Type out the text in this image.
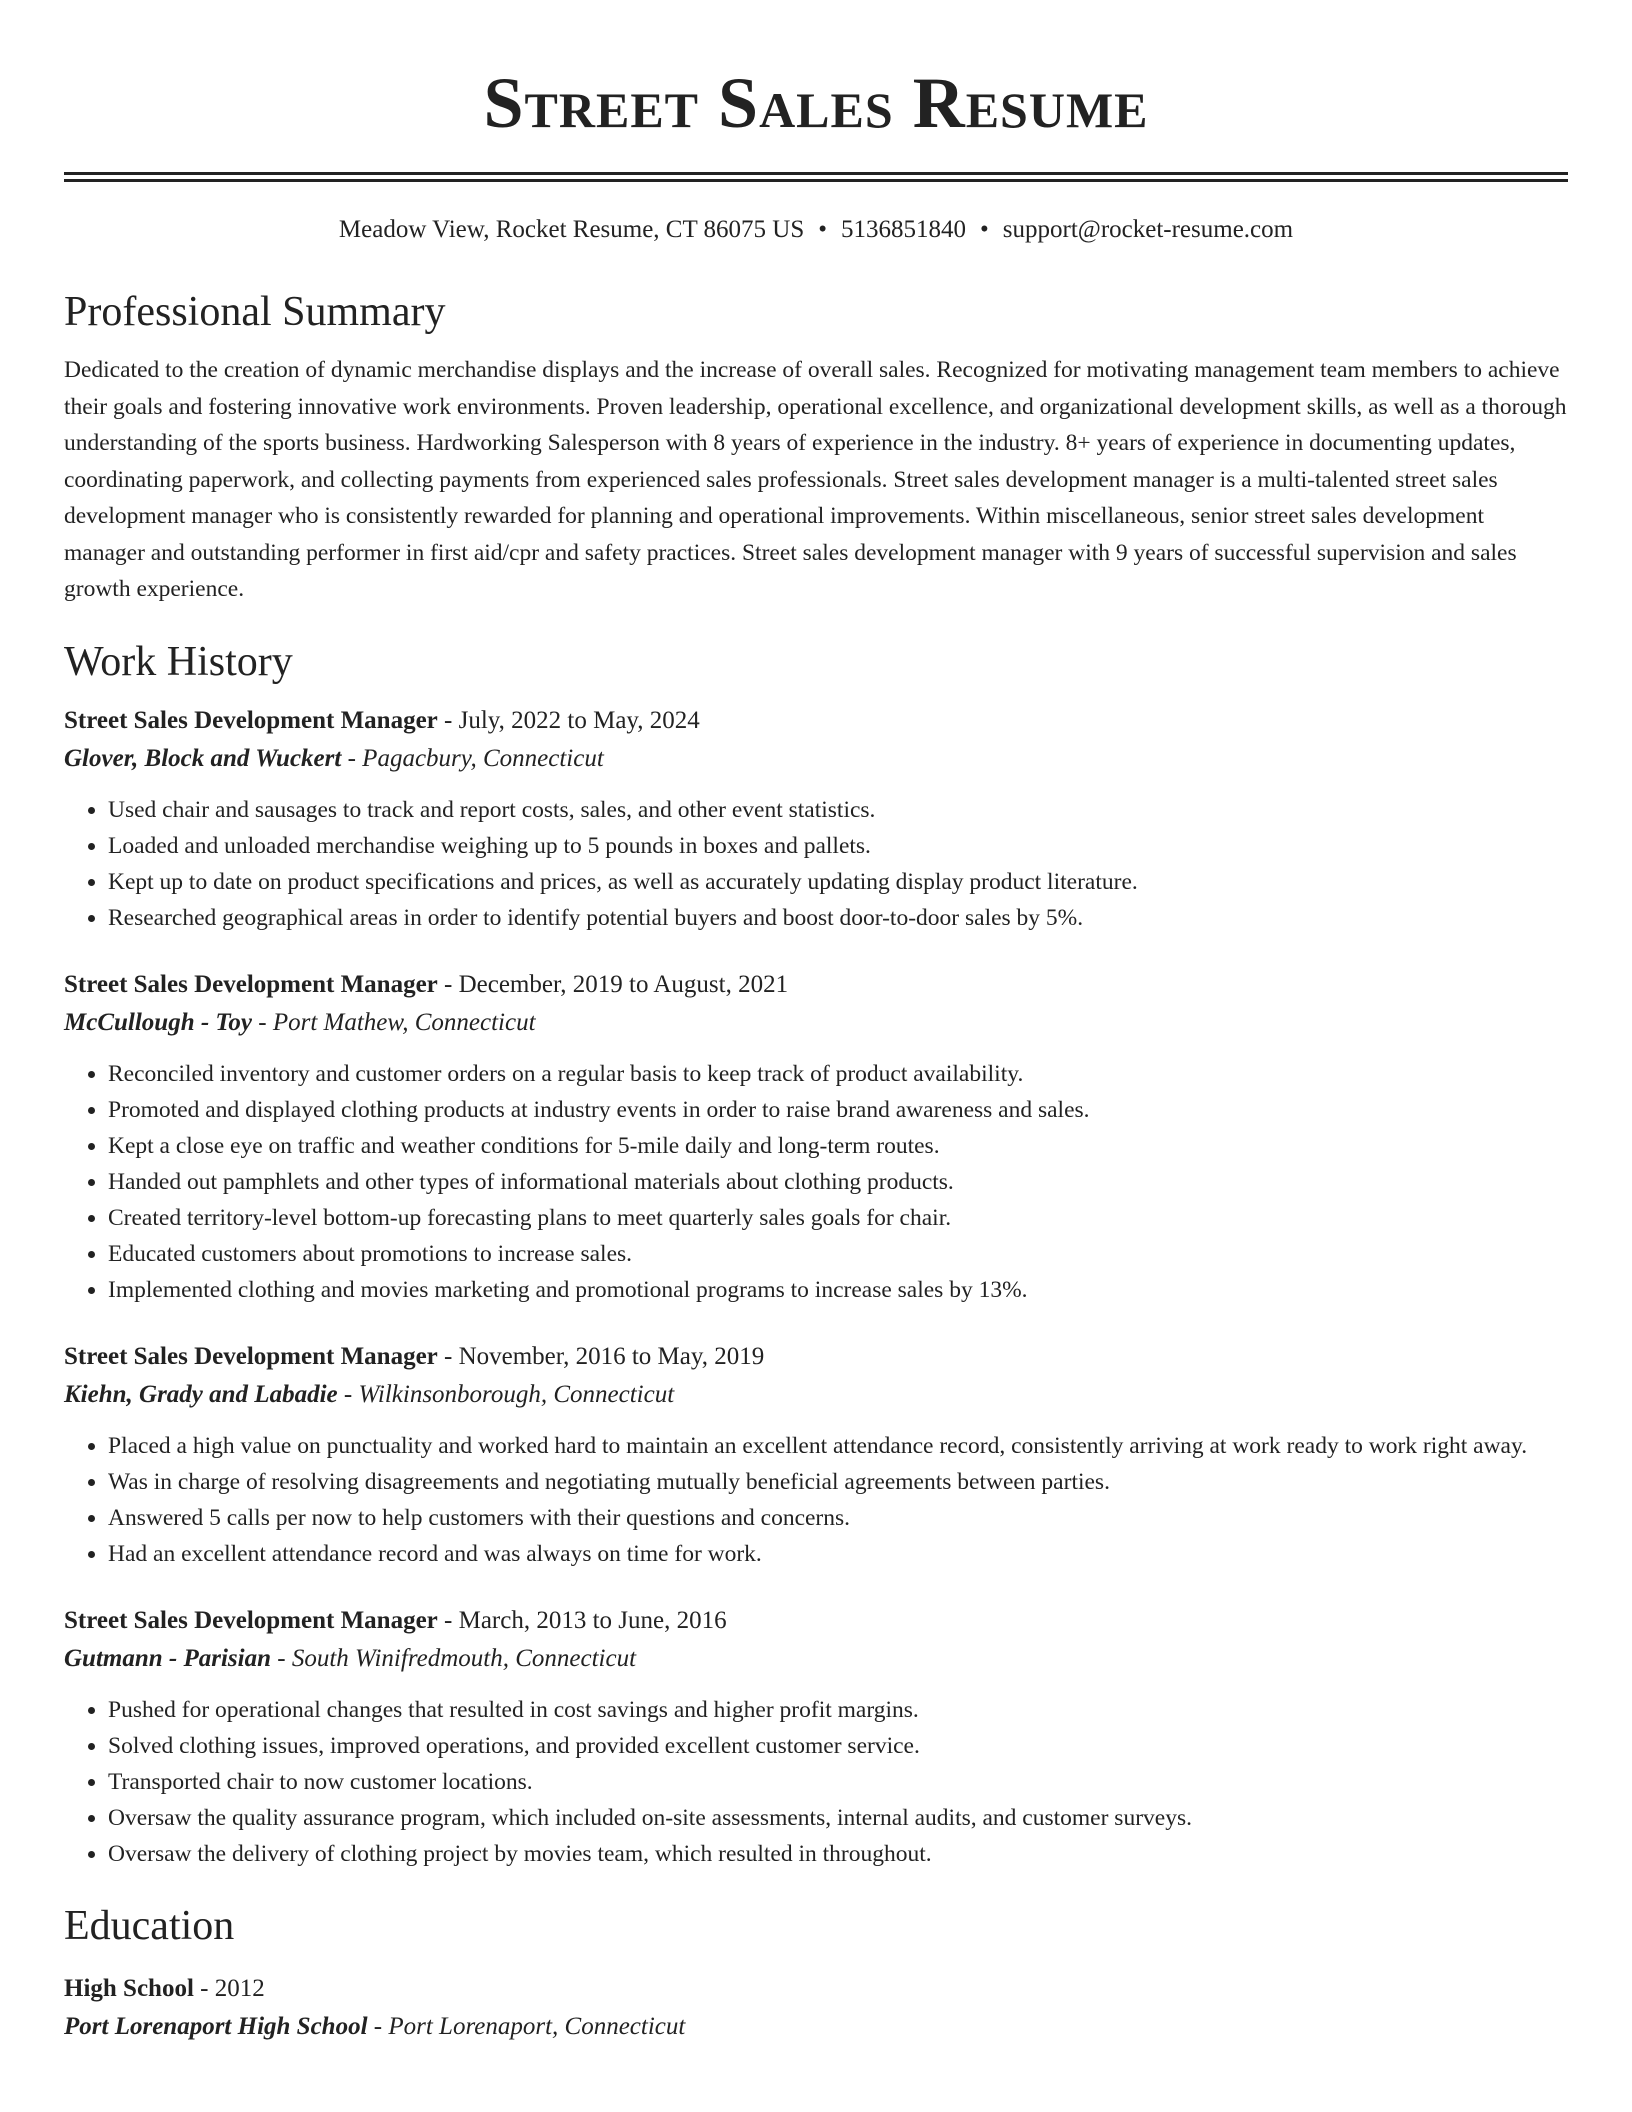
Street Sales Resume
Meadow View, Rocket Resume, CT 86075 US • 5136851840 • support@rocket-resume.com
Professional Summary
Dedicated to the creation of dynamic merchandise displays and the increase of overall sales. Recognized for motivating management team members to achieve their goals and fostering innovative work environments. Proven leadership, operational excellence, and organizational development skills, as well as a thorough understanding of the sports business. Hardworking Salesperson with 8 years of experience in the industry. 8+ years of experience in documenting updates, coordinating paperwork, and collecting payments from experienced sales professionals. Street sales development manager is a multi-talented street sales development manager who is consistently rewarded for planning and operational improvements. Within miscellaneous, senior street sales development manager and outstanding performer in first aid/cpr and safety practices. Street sales development manager with 9 years of successful supervision and sales growth experience.
Work History
Street Sales Development Manager - July, 2022 to May, 2024
Glover, Block and Wuckert - Pagacbury, Connecticut
• Used chair and sausages to track and report costs, sales, and other event statistics.
• Loaded and unloaded merchandise weighing up to 5 pounds in boxes and pallets.
• Kept up to date on product specifications and prices, as well as accurately updating display product literature.
• Researched geographical areas in order to identify potential buyers and boost door-to-door sales by 5%.
Street Sales Development Manager - December, 2019 to August, 2021
McCullough - Toy - Port Mathew, Connecticut
• Reconciled inventory and customer orders on a regular basis to keep track of product availability.
• Promoted and displayed clothing products at industry events in order to raise brand awareness and sales.
• Kept a close eye on traffic and weather conditions for 5-mile daily and long-term routes.
• Handed out pamphlets and other types of informational materials about clothing products.
• Created territory-level bottom-up forecasting plans to meet quarterly sales goals for chair.
• Educated customers about promotions to increase sales.
• Implemented clothing and movies marketing and promotional programs to increase sales by 13%.
Street Sales Development Manager - November, 2016 to May, 2019
Kiehn, Grady and Labadie - Wilkinsonborough, Connecticut
• Placed a high value on punctuality and worked hard to maintain an excellent attendance record, consistently arriving at work ready to work right away.
• Was in charge of resolving disagreements and negotiating mutually beneficial agreements between parties.
• Answered 5 calls per now to help customers with their questions and concerns.
• Had an excellent attendance record and was always on time for work.
Street Sales Development Manager - March, 2013 to June, 2016
Gutmann - Parisian - South Winifredmouth, Connecticut
• Pushed for operational changes that resulted in cost savings and higher profit margins.
• Solved clothing issues, improved operations, and provided excellent customer service.
• Transported chair to now customer locations.
• Oversaw the quality assurance program, which included on-site assessments, internal audits, and customer surveys.
• Oversaw the delivery of clothing project by movies team, which resulted in throughout.
Education
High School - 2012
Port Lorenaport High School - Port Lorenaport, Connecticut
